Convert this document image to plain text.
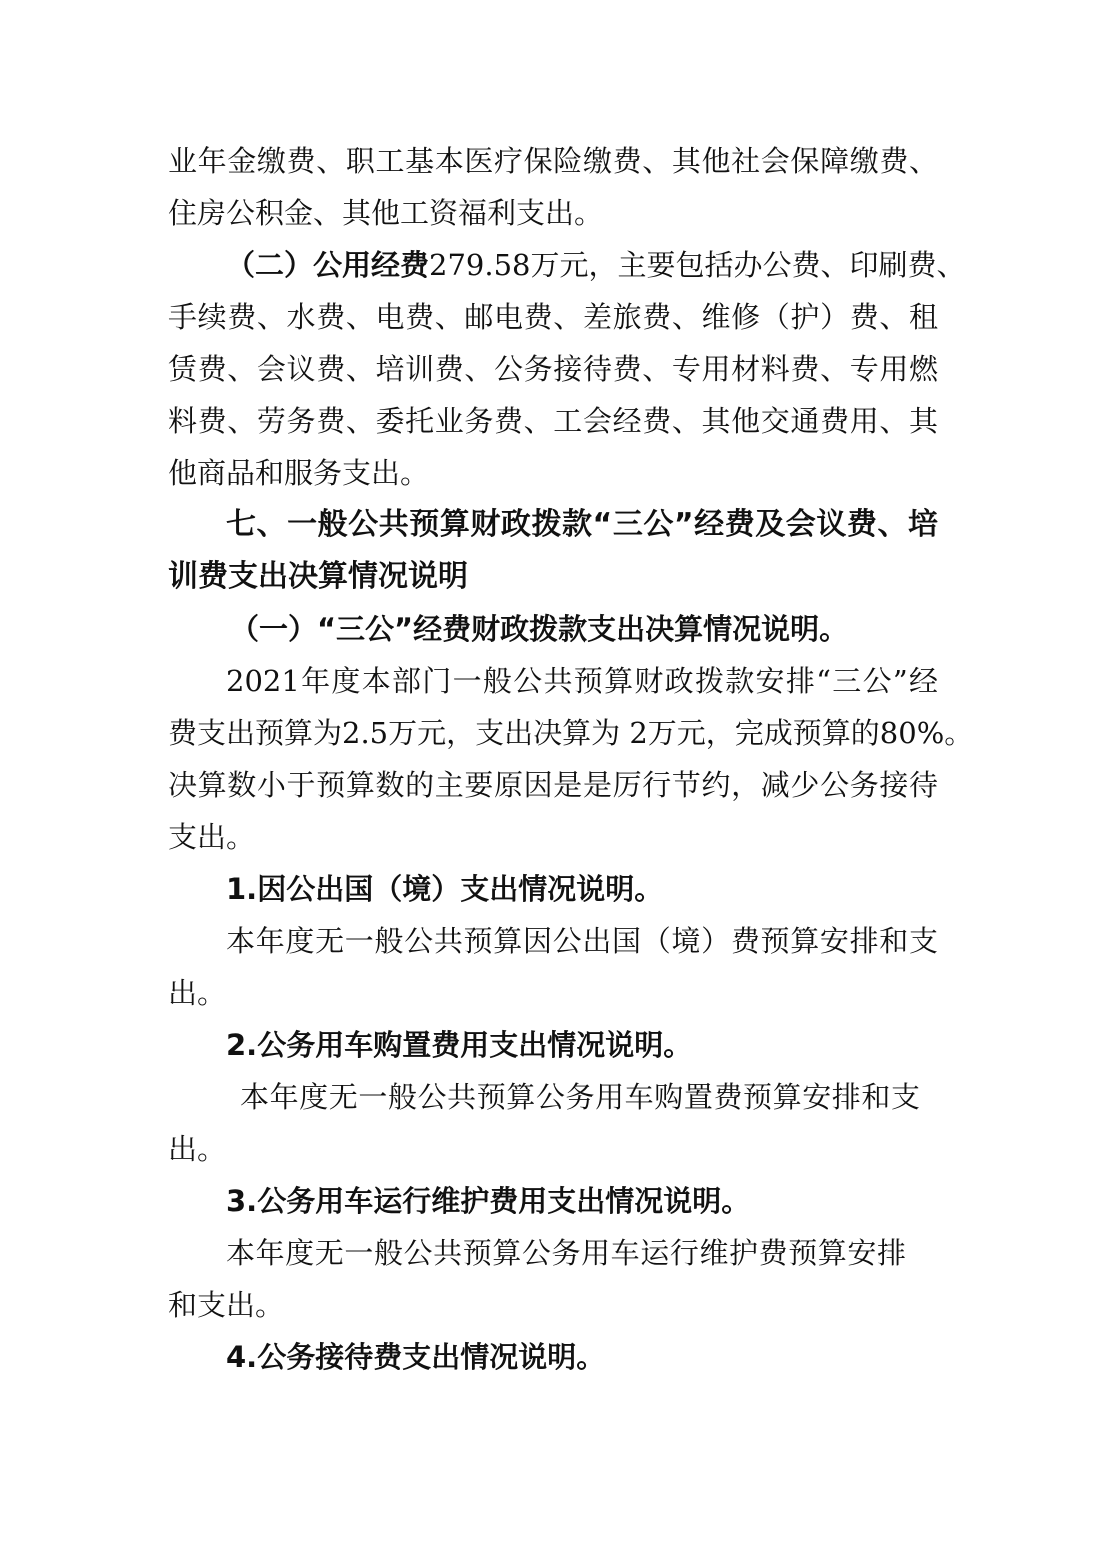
业年金缴费、职工基本医疗保险缴费、其他社会保障缴费、
住房公积金、其他工资福利支出。
（二）公用经费279.58万元，主要包括办公费、印刷费、
手续费、水费、电费、邮电费、差旅费、维修（护）费、租
赁费、会议费、培训费、公务接待费、专用材料费、专用燃
料费、劳务费、委托业务费、工会经费、其他交通费用、其
他商品和服务支出。
七、一般公共预算财政拨款“三公”经费及会议费、培
训费支出决算情况说明
（一）“三公”经费财政拨款支出决算情况说明。
2021年度本部门一般公共预算财政拨款安排“三公”经
费支出预算为2.5万元，支出决算为 2万元，完成预算的80%。
决算数小于预算数的主要原因是是厉行节约，减少公务接待
支出。
1.因公出国（境）支出情况说明。
本年度无一般公共预算因公出国（境）费预算安排和支
出。
2.公务用车购置费用支出情况说明。
本年度无一般公共预算公务用车购置费预算安排和支
出。
3.公务用车运行维护费用支出情况说明。
本年度无一般公共预算公务用车运行维护费预算安排
和支出。
4.公务接待费支出情况说明。
